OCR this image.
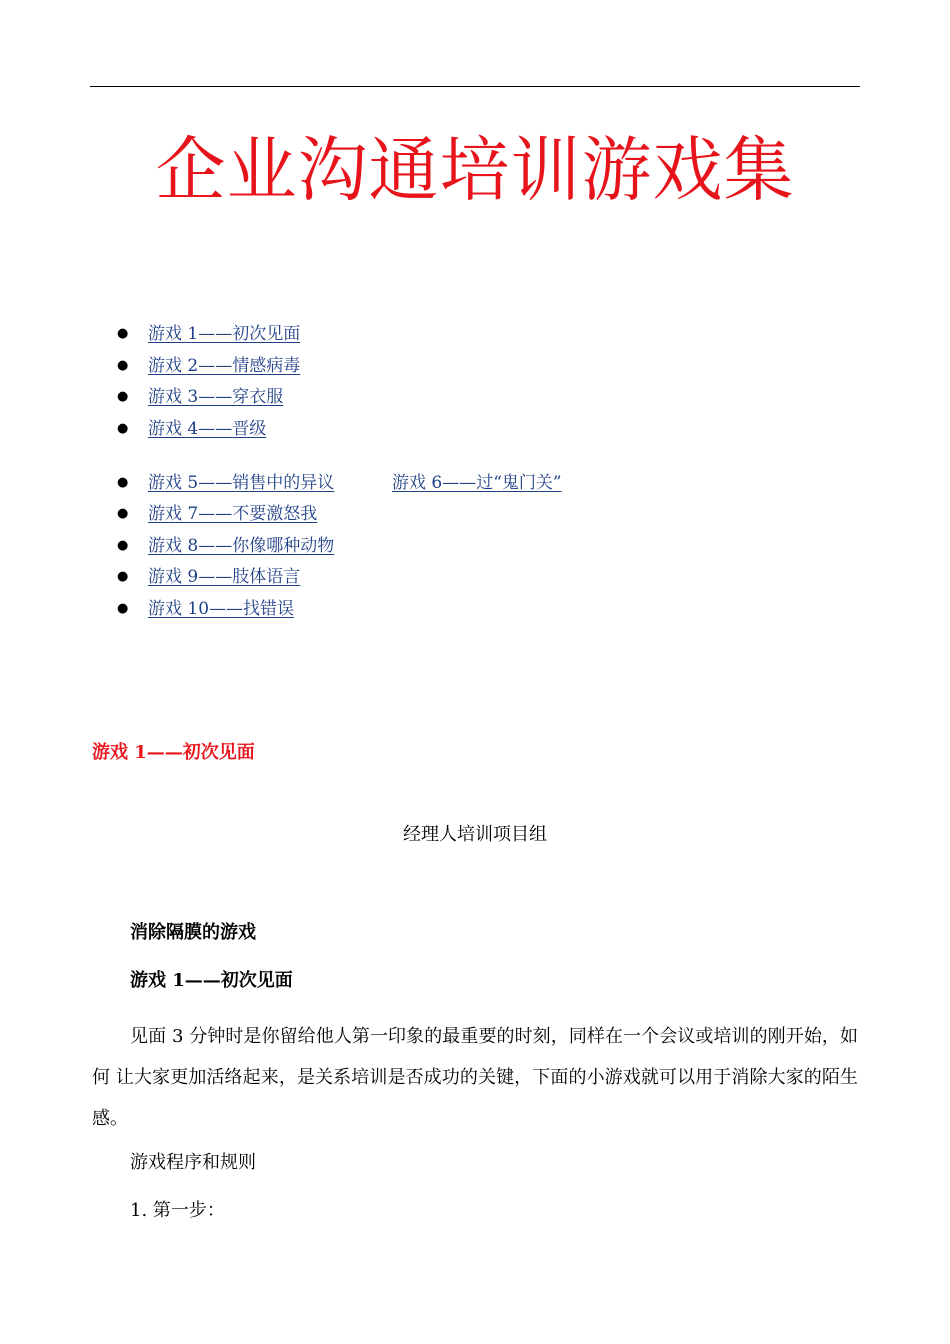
企业沟通培训游戏集
● 游戏 1——初次见面
● 游戏 2——情感病毒
● 游戏 3——穿衣服
● 游戏 4——晋级
● 游戏 5——销售中的异议	游戏 6——过“鬼门关”
● 游戏 7——不要激怒我
● 游戏 8——你像哪种动物
● 游戏 9——肢体语言
● 游戏 10——找错误
游戏 1——初次见面
经理人培训项目组
消除隔膜的游戏
游戏 1——初次见面
见面 3 分钟时是你留给他人第一印象的最重要的时刻，同样在一个会议或培训的刚开始，如 何 让大家更加活络起来，是关系培训是否成功的关键，下面的小游戏就可以用于消除大家的陌生感。
游戏程序和规则
1. 第一步：
